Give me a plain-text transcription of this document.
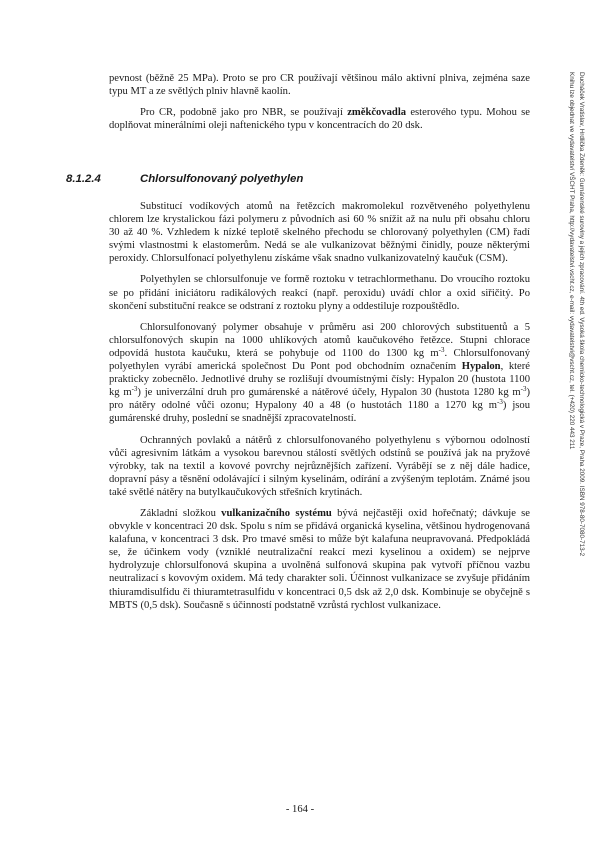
pevnost (běžně 25 MPa). Proto se pro CR používají většinou málo aktivní plniva, zejména saze typu MT a ze světlých plniv hlavně kaolín.

Pro CR, podobně jako pro NBR, se používají změkčovadla esterového typu. Mohou se doplňovat minerálními oleji naftenického typu v koncentracích do 20 dsk.

8.1.2.4	Chlorsulfonovaný polyethylen

Substitucí vodíkových atomů na řetězcích makromolekul rozvětveného polyethylenu chlorem lze krystalickou fázi polymeru z původních asi 60 % snížit až na nulu při obsahu chloru 30 až 40 %. Vzhledem k nízké teplotě skelného přechodu se chlorovaný polyethylen (CM) řadí svými vlastnostmi k elastomerům. Nedá se ale vulkanizovat běžnými činidly, pouze některými peroxidy. Chlorsulfonací polyethylenu získáme však snadno vulkanizovatelný kaučuk (CSM).

Polyethylen se chlorsulfonuje ve formě roztoku v tetrachlormethanu. Do vroucího roztoku se po přidání iniciátoru radikálových reakcí (např. peroxidu) uvádí chlor a oxid siřičitý. Po skončení substituční reakce se odstraní z roztoku plyny a oddestiluje rozpouštědlo.

Chlorsulfonovaný polymer obsahuje v průměru asi 200 chlorových substituentů a 5 chlorsulfonových skupin na 1000 uhlíkových atomů kaučukového řetězce. Stupni chlorace odpovídá hustota kaučuku, která se pohybuje od 1100 do 1300 kg $m^{-3}$. Chlorsulfonovaný polyethylen vyrábí americká společnost Du Pont pod obchodním označením Hypalon, které prakticky zobecnělo. Jednotlivé druhy se rozlišují dvoumístnými čísly: Hypalon 20 (hustota 1100 kg $m^{-3}$) je univerzální druh pro gumárenské a nátěrové účely, Hypalon 30 (hustota 1280 kg $m^{-3}$) pro nátěry odolné vůči ozonu; Hypalony 40 a 48 (o hustotách 1180 a 1270 kg $m^{-3}$) jsou gumárenské druhy, poslední se snadnější zpracovatelností.

Ochranných povlaků a nátěrů z chlorsulfonovaného polyethylenu s výbornou odolností vůči agresivním látkám a vysokou barevnou stálostí světlých odstínů se používá jak na pryžové výrobky, tak na textil a kovové povrchy nejrůznějších zařízení. Vyrábějí se z něj dále hadice, dopravní pásy a těsnění odolávající i silným kyselinám, odírání a zvýšeným teplotám. Známé jsou také světlé nátěry na butylkaučukových střešních krytinách.

Základní složkou vulkanizačního systému bývá nejčastěji oxid hořečnatý; dávkuje se obvykle v koncentraci 20 dsk. Spolu s ním se přidává organická kyselina, většinou hydrogenovaná kalafuna, v koncentraci 3 dsk. Pro tmavé směsi to může být kalafuna neupravovaná. Předpokládá se, že účinkem vody (vzniklé neutralizační reakcí mezi kyselinou a oxidem) se nejprve hydrolyzuje chlorsulfonová skupina a uvolněná sulfonová skupina pak vytvoří příčnou vazbu neutralizací s kovovým oxidem. Má tedy charakter soli. Účinnost vulkanizace se zvyšuje přidáním thiuramdisulfidu či thiuramtetrasulfidu v koncentraci 0,5 dsk až 2,0 dsk. Kombinuje se obyčejně s MBTS (0,5 dsk). Současně s účinností podstatně vzrůstá rychlost vulkanizace.

- 164 -
Ducháček Vratislav, Hrdlička Zdeněk: Gumárenské suroviny a jejich zpracování. 4th ed. Vysoká škola chemicko-technologická v Praze, Praha 2009. ISBN 978-80-7080-713-2
Knihu lze objednat ve vydavatelství VŠCHT Praha, http://vydavatelstvi.vscht.cz, e-mail: vydavatelstvi@vscht.cz, tel. (+420) 220 443 211
